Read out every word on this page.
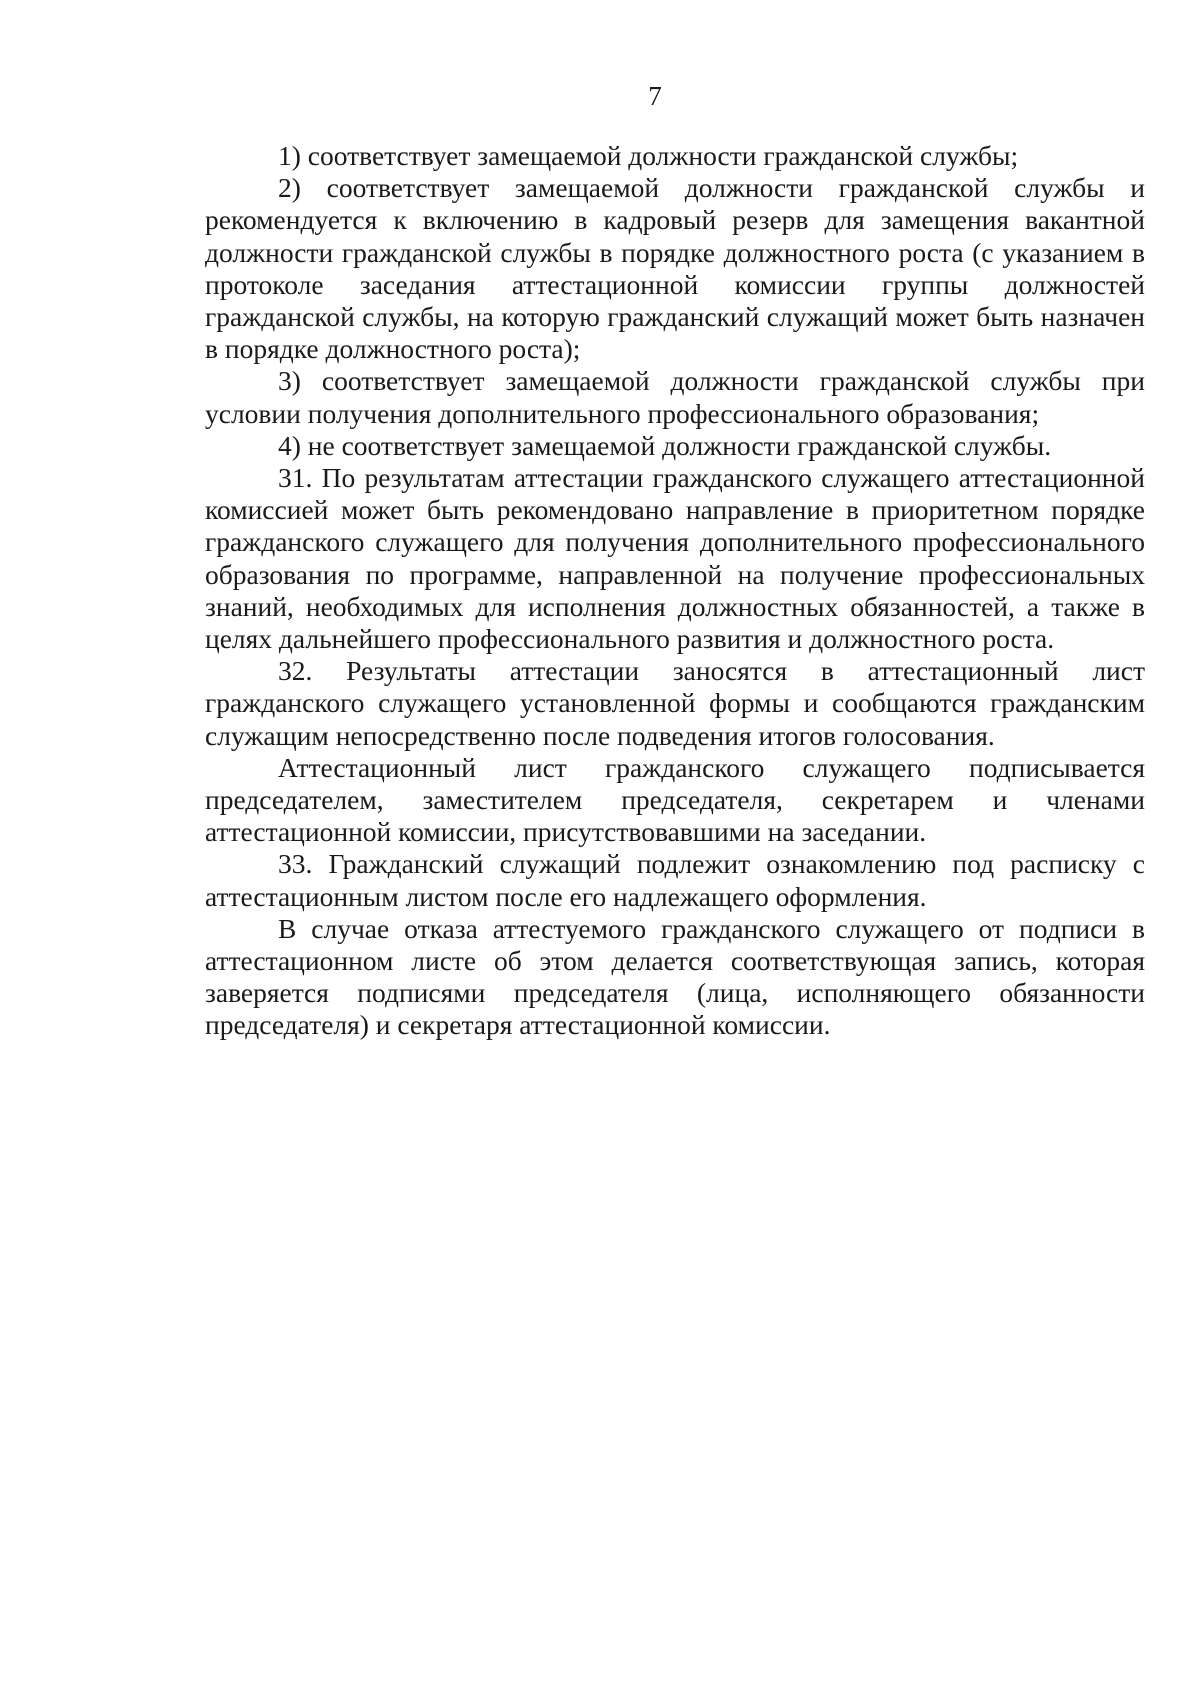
7

1) соответствует замещаемой должности гражданской службы;

2) соответствует замещаемой должности гражданской службы и рекомендуется к включению в кадровый резерв для замещения вакантной должности гражданской службы в порядке должностного роста (с указанием в протоколе заседания аттестационной комиссии группы должностей гражданской службы, на которую гражданский служащий может быть назначен в порядке должностного роста);

3) соответствует замещаемой должности гражданской службы при условии получения дополнительного профессионального образования;

4) не соответствует замещаемой должности гражданской службы.

31. По результатам аттестации гражданского служащего аттестационной комиссией может быть рекомендовано направление в приоритетном порядке гражданского служащего для получения дополнительного профессионального образования по программе, направленной на получение профессиональных знаний, необходимых для исполнения должностных обязанностей, а также в целях дальнейшего профессионального развития и должностного роста.

32. Результаты аттестации заносятся в аттестационный лист гражданского служащего установленной формы и сообщаются гражданским служащим непосредственно после подведения итогов голосования.

Аттестационный лист гражданского служащего подписывается председателем, заместителем председателя, секретарем и членами аттестационной комиссии, присутствовавшими на заседании.

33. Гражданский служащий подлежит ознакомлению под расписку с аттестационным листом после его надлежащего оформления.

В случае отказа аттестуемого гражданского служащего от подписи в аттестационном листе об этом делается соответствующая запись, которая заверяется подписями председателя (лица, исполняющего обязанности председателя) и секретаря аттестационной комиссии.
